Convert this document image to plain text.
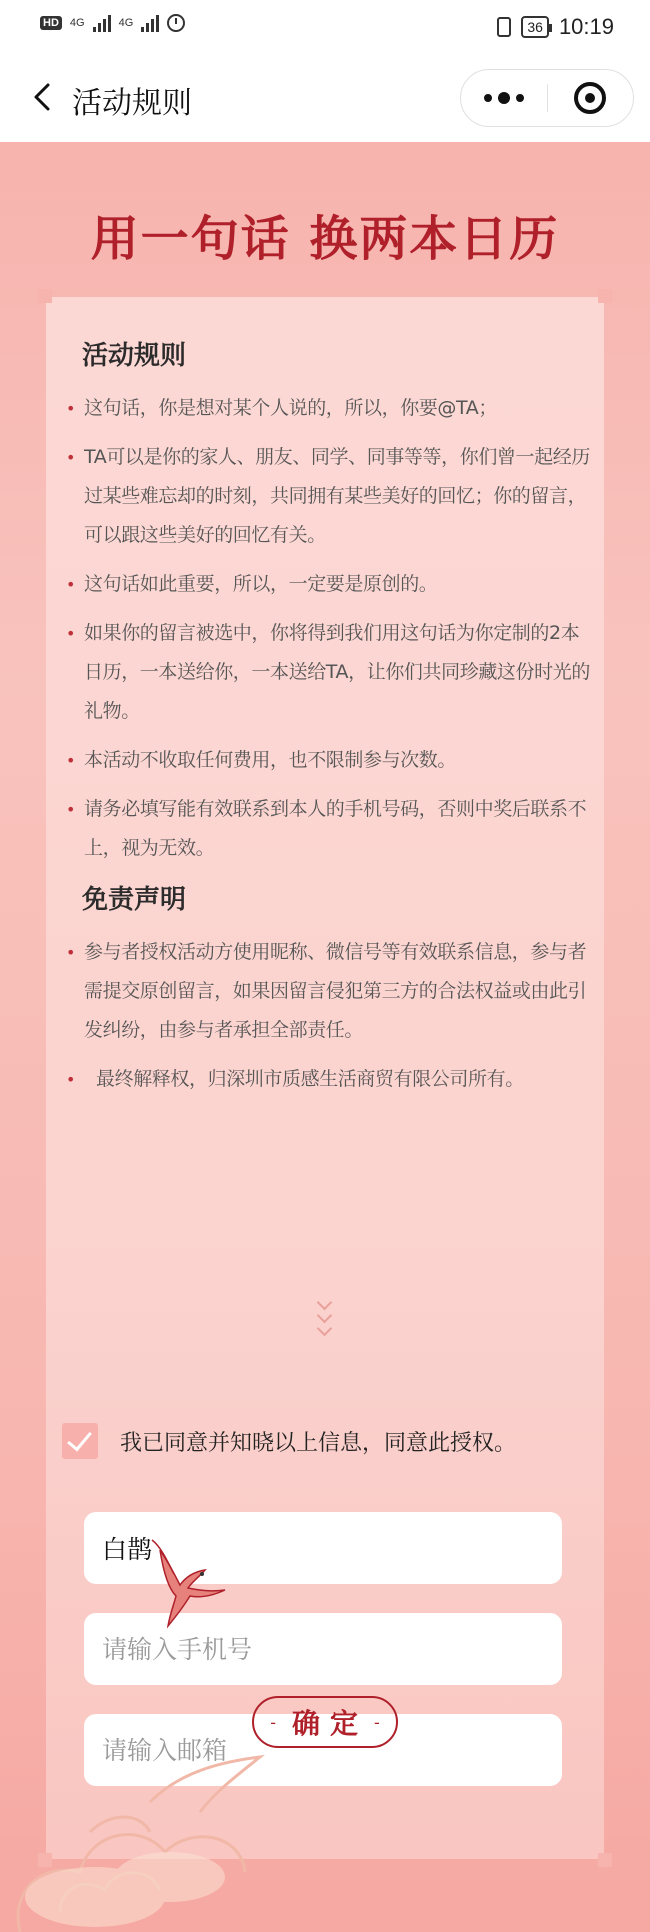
HD 4G	4G	36 10:19
活动规则
用一句话 换两本日历
活动规则
• 这句话，你是想对某个人说的，所以，你要@TA；
• TA可以是你的家人、朋友、同学、同事等等，你们曾一起经历过某些难忘却的时刻，共同拥有某些美好的回忆；你的留言，可以跟这些美好的回忆有关。
• 这句话如此重要，所以，一定要是原创的。
• 如果你的留言被选中，你将得到我们用这句话为你定制的2本日历，一本送给你，一本送给TA，让你们共同珍藏这份时光的礼物。
• 本活动不收取任何费用，也不限制参与次数。
• 请务必填写能有效联系到本人的手机号码，否则中奖后联系不上，视为无效。
免责声明
• 参与者授权活动方使用昵称、微信号等有效联系信息，参与者需提交原创留言，如果因留言侵犯第三方的合法权益或由此引发纠纷，由参与者承担全部责任。
• 最终解释权，归深圳市质感生活商贸有限公司所有。
我已同意并知晓以上信息，同意此授权。
白鹊
请输入手机号
请输入邮箱
- 确定 -
